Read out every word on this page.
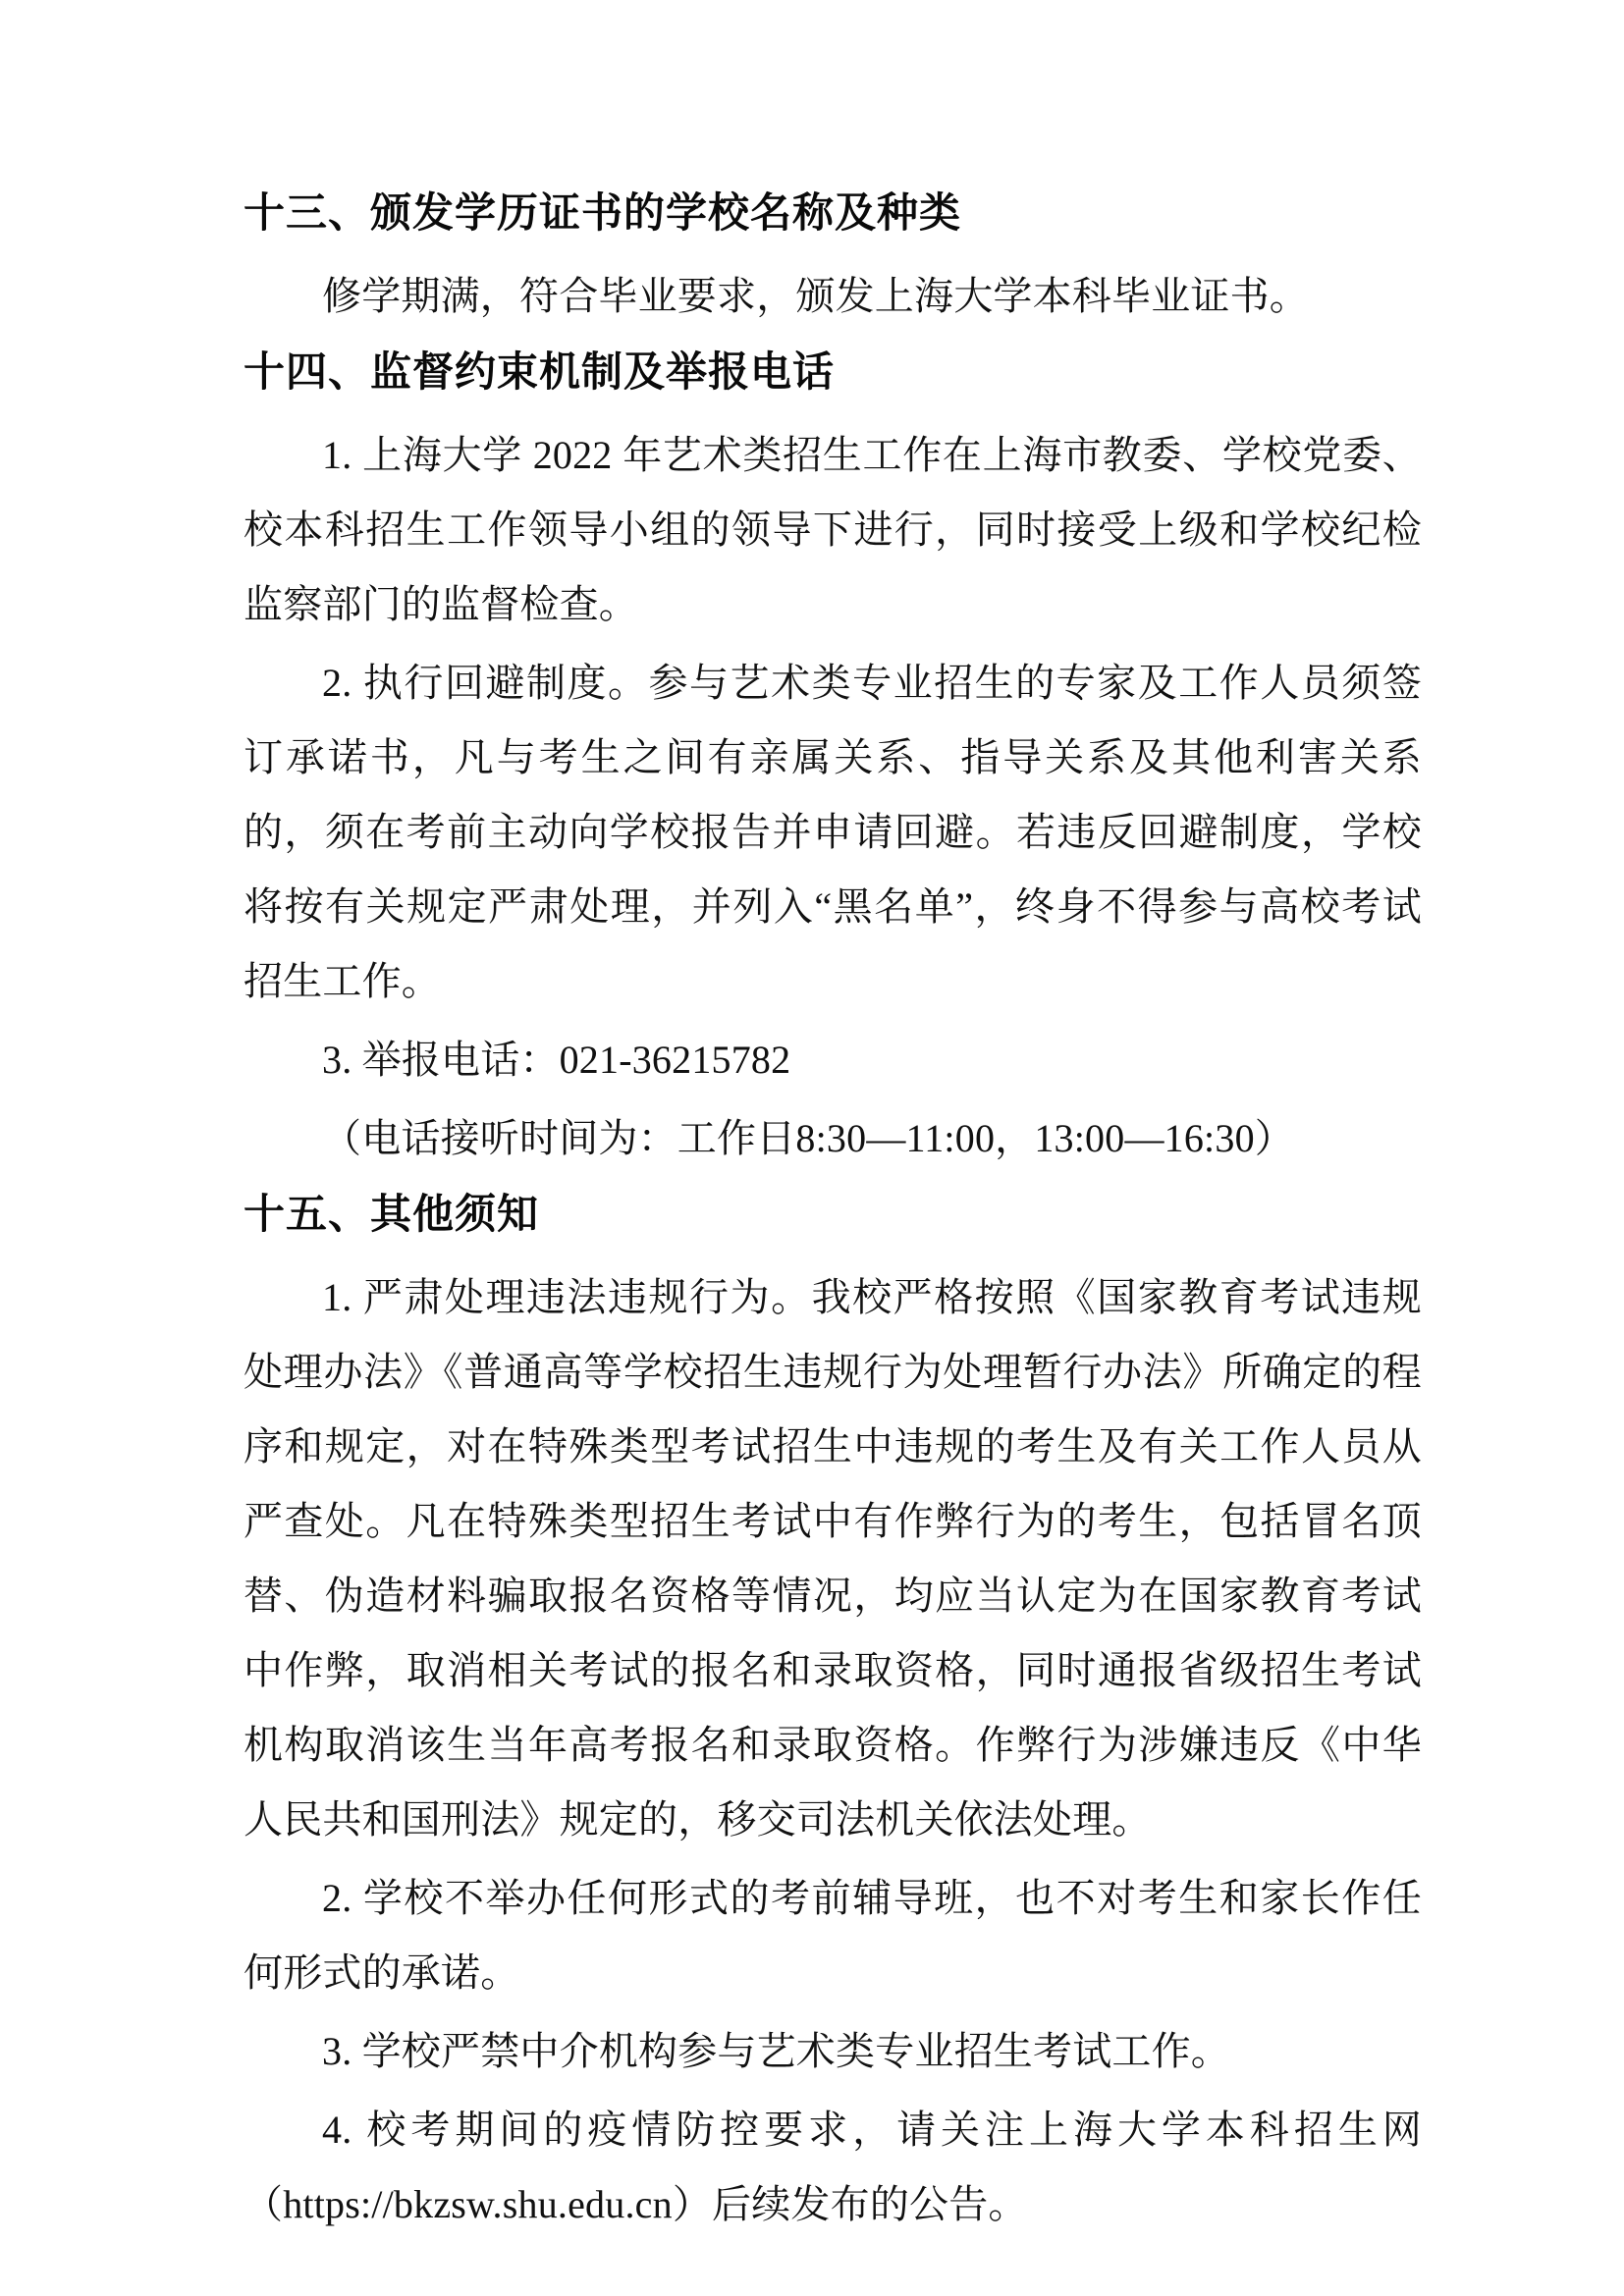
十三、颁发学历证书的学校名称及种类

修学期满，符合毕业要求，颁发上海大学本科毕业证书。

十四、监督约束机制及举报电话

1. 上海大学 2022 年艺术类招生工作在上海市教委、学校党委、校本科招生工作领导小组的领导下进行，同时接受上级和学校纪检监察部门的监督检查。

2. 执行回避制度。参与艺术类专业招生的专家及工作人员须签订承诺书，凡与考生之间有亲属关系、指导关系及其他利害关系的，须在考前主动向学校报告并申请回避。若违反回避制度，学校将按有关规定严肃处理，并列入“黑名单”，终身不得参与高校考试招生工作。

3. 举报电话：021-36215782

（电话接听时间为：工作日8:30—11:00，13:00—16:30）

十五、其他须知

1. 严肃处理违法违规行为。我校严格按照《国家教育考试违规处理办法》《普通高等学校招生违规行为处理暂行办法》所确定的程序和规定，对在特殊类型考试招生中违规的考生及有关工作人员从严查处。凡在特殊类型招生考试中有作弊行为的考生，包括冒名顶替、伪造材料骗取报名资格等情况，均应当认定为在国家教育考试中作弊，取消相关考试的报名和录取资格，同时通报省级招生考试机构取消该生当年高考报名和录取资格。作弊行为涉嫌违反《中华人民共和国刑法》规定的，移交司法机关依法处理。

2. 学校不举办任何形式的考前辅导班，也不对考生和家长作任何形式的承诺。

3. 学校严禁中介机构参与艺术类专业招生考试工作。

4. 校考期间的疫情防控要求，请关注上海大学本科招生网（https://bkzsw.shu.edu.cn）后续发布的公告。
